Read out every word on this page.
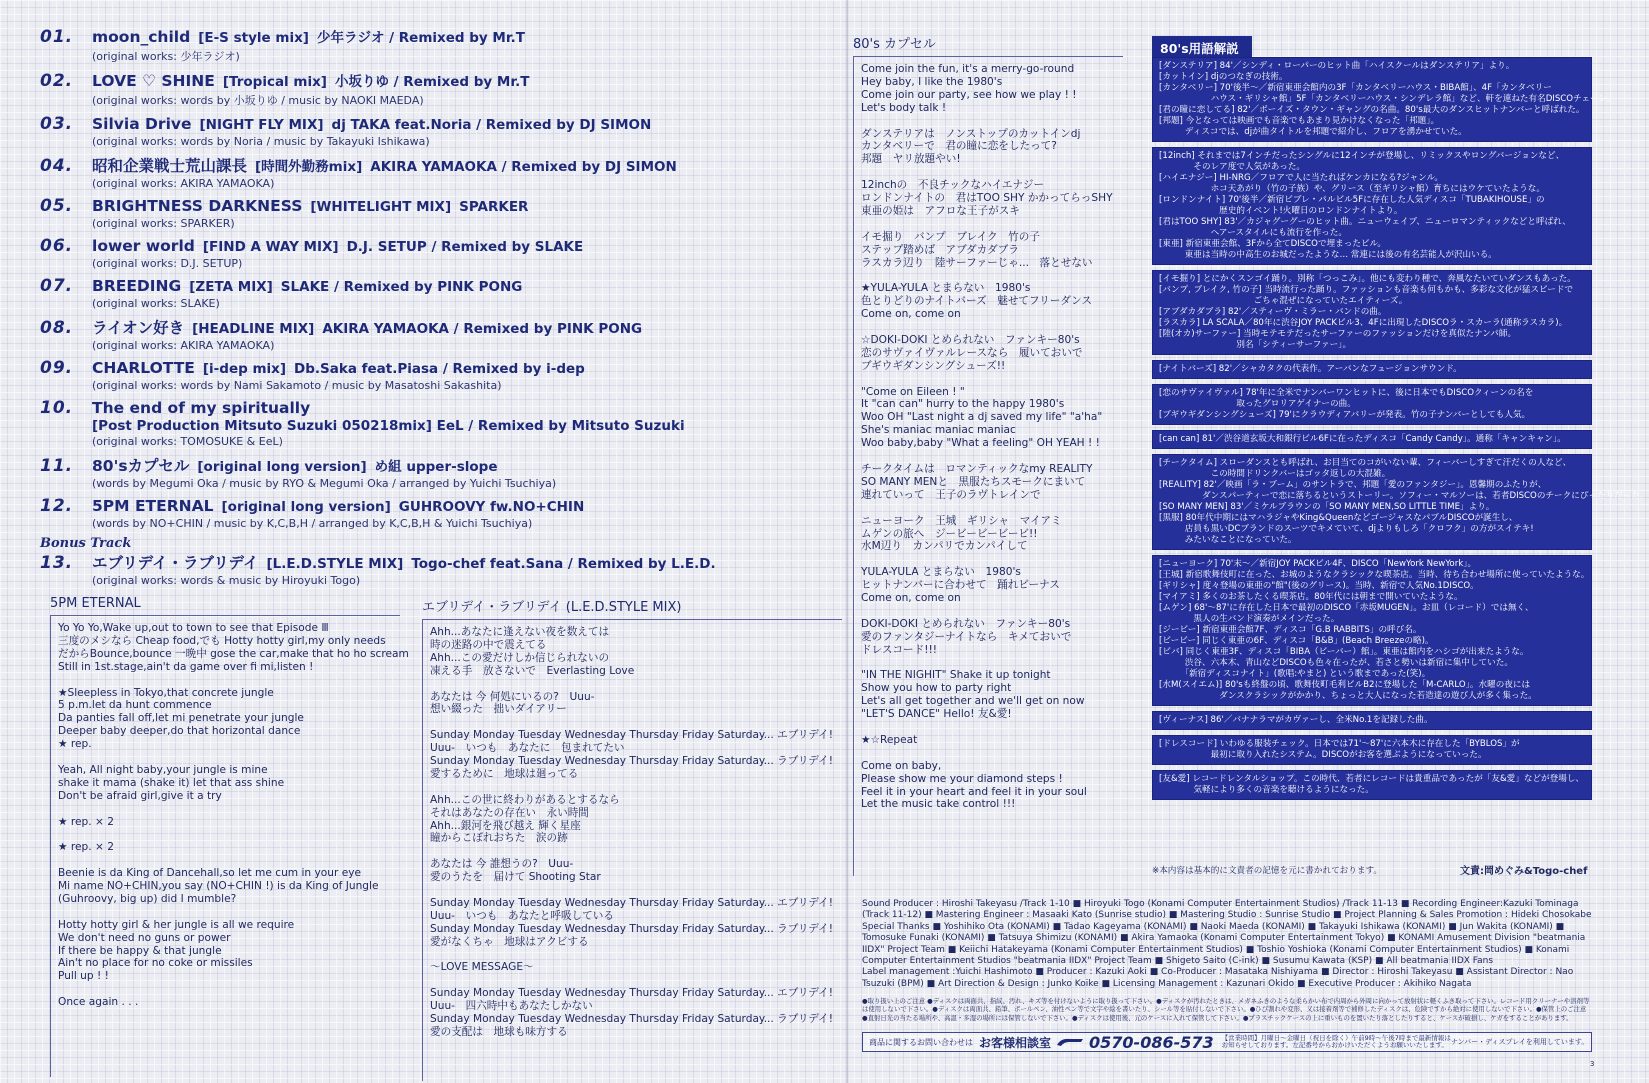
01.	moon_child [E-S style mix] 少年ラジオ / Remixed by Mr.T
(original works: 少年ラジオ)
02.	LOVE ♡ SHINE [Tropical mix] 小坂りゆ / Remixed by Mr.T
(original works: words by 小坂りゆ / music by NAOKI MAEDA)
03.	Silvia Drive [NIGHT FLY MIX] dj TAKA feat.Noria / Remixed by DJ SIMON
(original works: words by Noria / music by Takayuki Ishikawa)
04.	昭和企業戦士荒山課長 [時間外勤務mix] AKIRA YAMAOKA / Remixed by DJ SIMON
(original works: AKIRA YAMAOKA)
05.	BRIGHTNESS DARKNESS [WHITELIGHT MIX] SPARKER
(original works: SPARKER)
06.	lower world [FIND A WAY MIX] D.J. SETUP / Remixed by SLAKE
(original works: D.J. SETUP)
07.	BREEDING [ZETA MIX] SLAKE / Remixed by PINK PONG
(original works: SLAKE)
08.	ライオン好き [HEADLINE MIX] AKIRA YAMAOKA / Remixed by PINK PONG
(original works: AKIRA YAMAOKA)
09.	CHARLOTTE [i-dep mix] Db.Saka feat.Piasa / Remixed by i-dep
(original works: words by Nami Sakamoto / music by Masatoshi Sakashita)
10.	The end of my spiritually
[Post Production Mitsuto Suzuki 050218mix] EeL / Remixed by Mitsuto Suzuki
(original works: TOMOSUKE & EeL)
11.	80'sカプセル [original long version] め組 upper-slope
(words by Megumi Oka / music by RYO & Megumi Oka / arranged by Yuichi Tsuchiya)
12.	5PM ETERNAL [original long version] GUHROOVY fw.NO+CHIN
(words by NO+CHIN / music by K,C,B,H / arranged by K,C,B,H & Yuichi Tsuchiya)
Bonus Track
13.	エブリデイ・ラブリデイ [L.E.D.STYLE MIX] Togo-chef feat.Sana / Remixed by L.E.D.
(original works: words & music by Hiroyuki Togo)
5PM ETERNAL
Yo Yo Yo,Wake up,out to town to see that Episode Ⅲ
三度のメシなら Cheap food,でも Hotty hotty girl,my only needs
だからBounce,bounce 一晩中 gose the car,make that ho ho scream
Still in 1st.stage,ain't da game over fi mi,listen !
★Sleepless in Tokyo,that concrete jungle
5 p.m.let da hunt commence
Da panties fall off,let mi penetrate your jungle
Deeper baby deeper,do that horizontal dance
★ rep.
Yeah, All night baby,your jungle is mine
shake it mama (shake it) let that ass shine
Don't be afraid girl,give it a try
★ rep. × 2
★ rep. × 2
Beenie is da King of Dancehall,so let me cum in your eye
Mi name NO+CHIN,you say (NO+CHIN !) is da King of Jungle
(Guhroovy, big up) did I mumble?
Hotty hotty girl & her jungle is all we require
We don't need no guns or power
If there be happy & that jungle
Ain't no place for no coke or missiles
Pull up ! !
Once again . . .
エブリデイ・ラブリデイ (L.E.D.STYLE MIX)
Ahh...あなたに逢えない夜を数えては
時の迷路の中で震えてる
Ahh...この愛だけしか信じられないの
凍える手　放さないで　Everlasting Love
あなたは 今 何処にいるの?　Uuu-
想い綴った　拙いダイアリー
Sunday Monday Tuesday Wednesday Thursday Friday Saturday... エブリデイ!
Uuu-　いつも　あなたに　包まれてたい
Sunday Monday Tuesday Wednesday Thursday Friday Saturday... ラブリデイ!
愛するために　地球は廻ってる
Ahh...この世に終わりがあるとするなら
それはあなたの存在い　永い時間
Ahh...銀河を飛び越え 輝く星座
瞳からこぼれおちた　涙の跡
あなたは 今 誰想うの?　Uuu-
愛のうたを　届けて Shooting Star
Sunday Monday Tuesday Wednesday Thursday Friday Saturday... エブリデイ!
Uuu-　いつも　あなたと呼吸している
Sunday Monday Tuesday Wednesday Thursday Friday Saturday... ラブリデイ!
愛がなくちゃ　地球はアクビする
〜LOVE MESSAGE〜
Sunday Monday Tuesday Wednesday Thursday Friday Saturday... エブリデイ!
Uuu-　四六時中もあなたしかない
Sunday Monday Tuesday Wednesday Thursday Friday Saturday... ラブリデイ!
愛の支配は　地球も味方する
80's カプセル
Come join the fun, it's a merry-go-round
Hey baby, I like the 1980's
Come join our party, see how we play ! !
Let's body talk !
ダンステリアは　ノンストップのカットインdj
カンタベリーで　君の瞳に恋をしたって?
邦題　ヤリ放題やい!
12inchの　不良チックなハイエナジー
ロンドンナイトの　君はTOO SHY かかってらっSHY
東亜の姫は　アフロな王子がスキ
イモ掘り　バンプ　ブレイク　竹の子
ステップ踏めば　アブダカダブラ
ラスカラ辺り　陸サーファーじゃ...　落とせない
★YULA-YULA とまらない　1980's
色とりどりのナイトバーズ　魅せてフリーダンス
Come on, come on
☆DOKI-DOKI とめられない　ファンキー80's
恋のサヴァイヴァルレースなら　履いておいで
ブギウギダンシングシューズ!!
"Come on Eileen ! "
It "can can" hurry to the happy 1980's
Woo OH "Last night a dj saved my life" "a'ha"
She's maniac maniac maniac
Woo baby,baby "What a feeling" OH YEAH ! !
チークタイムは　ロマンティックなmy REALITY
SO MANY MENと　黒服たちスモークにまいて
連れていって　王子のラヴトレインで
ニューヨーク　王城　ギリシャ　マイアミ
ムゲンの旅へ　ジービービービービ!!
水M辺り　カンパリでカンパイして
YULA-YULA とまらない　1980's
ヒットナンバーに合わせて　踊れビーナス
Come on, come on
DOKI-DOKI とめられない　ファンキー80's
愛のファンタジーナイトなら　キメておいで
ドレスコード!!!
"IN THE NIGHIT" Shake it up tonight
Show you how to party right
Let's all get together and we'll get on now
"LET'S DANCE" Hello! 友&愛!
★☆Repeat
Come on baby,
Please show me your diamond steps !
Feel it in your heart and feel it in your soul
Let the music take control !!!
80's用語解説
[ダンステリア] 84'／シンディ・ローパーのヒット曲「ハイスクールはダンステリア」より。
[カットイン] djのつなぎの技術。
[カンタベリー] 70'後半〜／新宿東亜会館内の3F「カンタベリーハウス・BIBA館」、4F「カンタベリー
　　　　　　ハウス・ギリシャ館」5F「カンタベリーハウス・シンデレラ館」など、軒を連ねた有名DISCOチェーン。
[君の瞳に恋してる] 82'／ボーイズ・タウン・ギャングの名曲。80's最大のダンスヒットナンバーと呼ばれた。
[邦題] 今となっては映画でも音楽でもあまり見かけなくなった「邦題」。
　　　ディスコでは、djが曲タイトルを邦題で紹介し、フロアを湧かせていた。
[12inch] それまでは7インチだったシングルに12インチが登場し、リミックスやロングバージョンなど、
　　　　そのレア度で人気があった。
[ハイエナジー] HI-NRG／フロアで人に当たればケンカになる?ジャンル。
　　　　　　ホコ天あがり（竹の子族）や、グリース（至ギリシャ館）育ちにはウケていたような。
[ロンドンナイト] 70'後半／新宿ビブレ・パルビル5Fに存在した人気ディスコ「TUBAKIHOUSE」の
　　　　　　　歴史的イベント!火曜日のロンドンナイトより。
[君はTOO SHY] 83'／カジャグーグーのヒット曲。ニューウェイブ、ニューロマンティックなどと呼ばれ、
　　　　　　ヘアースタイルにも流行を作った。
[東亜] 新宿東亜会館、3Fから全てDISCOで埋まったビル。
　　　東亜は当時の中高生のお城だったような… 常連には後の有名芸能人が沢山いる。
[イモ掘り] とにかくスンゴイ踊り。別称「つっこみ」。他にも変わり種で、奔風なたいていダンスもあった。
[バンプ, ブレイク, 竹の子] 当時流行った踊り。ファッションも音楽も何もかも、多彩な文化が猛スピードで
　　　　　　　　　　　ごちゃ混ぜになっていたエイティーズ。
[アブダカダブラ] 82'／スティーヴ・ミラー・バンドの曲。
[ラスカラ] LA SCALA／80年に渋谷JOY PACKビル3、4Fに出現したDISCOラ・スカーラ(通称ラスカラ)。
[陸(オカ)サーファー] 当時モテモテだったサーファーのファッションだけを真似たナンパ師。
　　　　　　　　　別名「シティーサーファー」。
[ナイトバーズ] 82'／シャカタクの代表作。アーバンなフュージョンサウンド。
[恋のサヴァイヴァル] 78'年に全米でナンバーワンヒットに、後に日本でもDISCOクィーンの名を
　　　　　　　　　取ったグロリアゲイナーの曲。
[ブギウギダンシングシューズ] 79'にクラウディアバリーが発表。竹の子ナンバーとしても人気。
[can can] 81'／渋谷道玄坂大和銀行ビル6Fに在ったディスコ「Candy Candy」。通称「キャンキャン」。
[チークタイム] スローダンスとも呼ばれ、お目当てのコがいない輩、フィーバーしすぎて汗だくの人など、
　　　　　　この時間ドリンクバーはゴッタ返しの大混雑。
[REALITY] 82'／映画「ラ・ブーム」のサントラで、邦題「愛のファンタジー」。恩馨期のふたりが、
　　　　　ダンスパーティーで恋に落ちるというストーリー。ソフィー・マルソーは、若者DISCOのチークにぴったりだった。
[SO MANY MEN] 83'／ミケルブラウンの「SO MANY MEN,SO LITTLE TIME」より。
[黒服] 80年代中期にはマハラジャやKing&QueenなどゴージャスなパブルDISCOが誕生し、
　　　店員も黒いDCブランドのスーツでキメていて、djよりもしろ「クロフク」の方がスイテキ!
　　　みたいなことになっていた。
[ニューヨーク] 70'末〜／新宿JOY PACKビル4F、DISCO「NewYork NewYork」。
[王城] 新宿歌舞伎町に在った、お城のようなクラシックな喫茶店。当時、待ち合わせ場所に使っていたような。
[ギリシャ] 度々登場の東亜の"館"(後のグリース)。当時、新宿で人気No.1DISCO。
[マイアミ] 多くのお茶したくる喫茶店。80年代には朝まで開いていたような。
[ムゲン] 68'〜87'に存在した日本で最初のDISCO「赤坂MUGEN」。お皿（レコード）では無く、
　　　　黒人の生バンド演奏がメインだった。
[ジービー] 新宿東亜会館7F、ディスコ「G.B RABBITS」の呼び名。
[ビービー] 同じく東亜の6F、ディスコ「B&B」(Beach Breezeの略)。
[ビバ] 同じく東亜3F、ディスコ「BIBA（ビーバー）館」。東亜は館内をハシゴが出来たような。
　　　渋谷、六本木、青山などDISCOも色々在ったが、若さと勢いは新宿に集中していた。
　　　「新宿ディスコナイト」(歌唱:やまと) という歌まであった(笑)。
[水M(スイエム)] 80'sも終盤の頃、歌舞伎町毛利ビルB2に登場した「M-CARLO」。水曜の夜には
　　　　　　　ダンスクラシックがかかり、ちょっと大人になった若造達の遊び人が多く集った。
[ヴィーナス] 86'／バナナラマがカヴァーし、全米No.1を記録した曲。
[ドレスコード] いわゆる服装チェック。日本では71'〜87'に六本木に存在した「BYBLOS」が
　　　　　　最初に取り入れたシステム。DISCOがお客を選ぶようになっていった。
[友&愛] レコードレンタルショップ。この時代、若者にレコードは貴重品であったが「友&愛」などが登場し、
　　　　気軽により多くの音楽を聴けるようになった。
※本内容は基本的に文責者の記憶を元に書かれております。	文責:岡めぐみ&Togo-chef
Sound Producer : Hiroshi Takeyasu /Track 1-10 ■ Hiroyuki Togo (Konami Computer Entertainment Studios) /Track 11-13 ■ Recording Engineer:Kazuki Tominaga
(Track 11-12) ■ Mastering Engineer : Masaaki Kato (Sunrise studio) ■ Mastering Studio : Sunrise Studio ■ Project Planning & Sales Promotion : Hideki Chosokabe
Special Thanks ■ Yoshihiko Ota (KONAMI) ■ Tadao Kageyama (KONAMI) ■ Naoki Maeda (KONAMI) ■ Takayuki Ishikawa (KONAMI) ■ Jun Wakita (KONAMI) ■
Tomosuke Funaki (KONAMI) ■ Tatsuya Shimizu (KONAMI) ■ Akira Yamaoka (Konami Computer Entertainment Tokyo) ■ KONAMI Amusement Division "beatmania
IIDX" Project Team ■ Keiichi Hatakeyama (Konami Computer Entertainment Studios) ■ Toshio Yoshioka (Konami Computer Entertainment Studios) ■ Konami
Computer Entertainment Studios "beatmania IIDX" Project Team ■ Shigeto Saito (C-ink) ■ Susumu Kawata (KSP) ■ All beatmania IIDX Fans
Label management :Yuichi Hashimoto ■ Producer : Kazuki Aoki ■ Co-Producer : Masataka Nishiyama ■ Director : Hiroshi Takeyasu ■ Assistant Director : Nao
Tsuzuki (BPM) ■ Art Direction & Design : Junko Koike ■ Licensing Management : Kazunari Okido ■ Executive Producer : Akihiko Nagata
●取り扱い上のご注意 ●ディスクは両面共、指紋、汚れ、キズ等を付けないように取り扱って下さい。●ディスクが汚れたときは、メガネふきのような柔らかい布で内周から外周に向かって放射状に軽くふき取って下さい。レコード用クリーナーや溶剤等
は使用しないで下さい。●ディスクは両面共、鉛筆、ボールペン、油性ペン等で文字や絵を書いたり、シール等を貼付しないで下さい。●ひび割れや変形、又は接着剤等で補修したディスクは、危険ですから絶対に使用しないで下さい。●保管上のご注意
●直射日光の当たる場所や、高温・多湿の場所には保管しないで下さい。●ディスクは使用後、元のケースに入れて保管して下さい。●プラスチックケースの上に重いものを置いたり落としたりすると、ケースが破損し、ケガをすることがあります。
商品に関するお問い合わせは お客様相談室 0570-086-573	【営業時間】月曜日〜金曜日（祝日を除く）午前9時〜午後7時まで最新情報は
お知らせしております。左記番号からおかけいただくようお願いいたします。 ナンバー・ディスプレイを利用しています。
3
